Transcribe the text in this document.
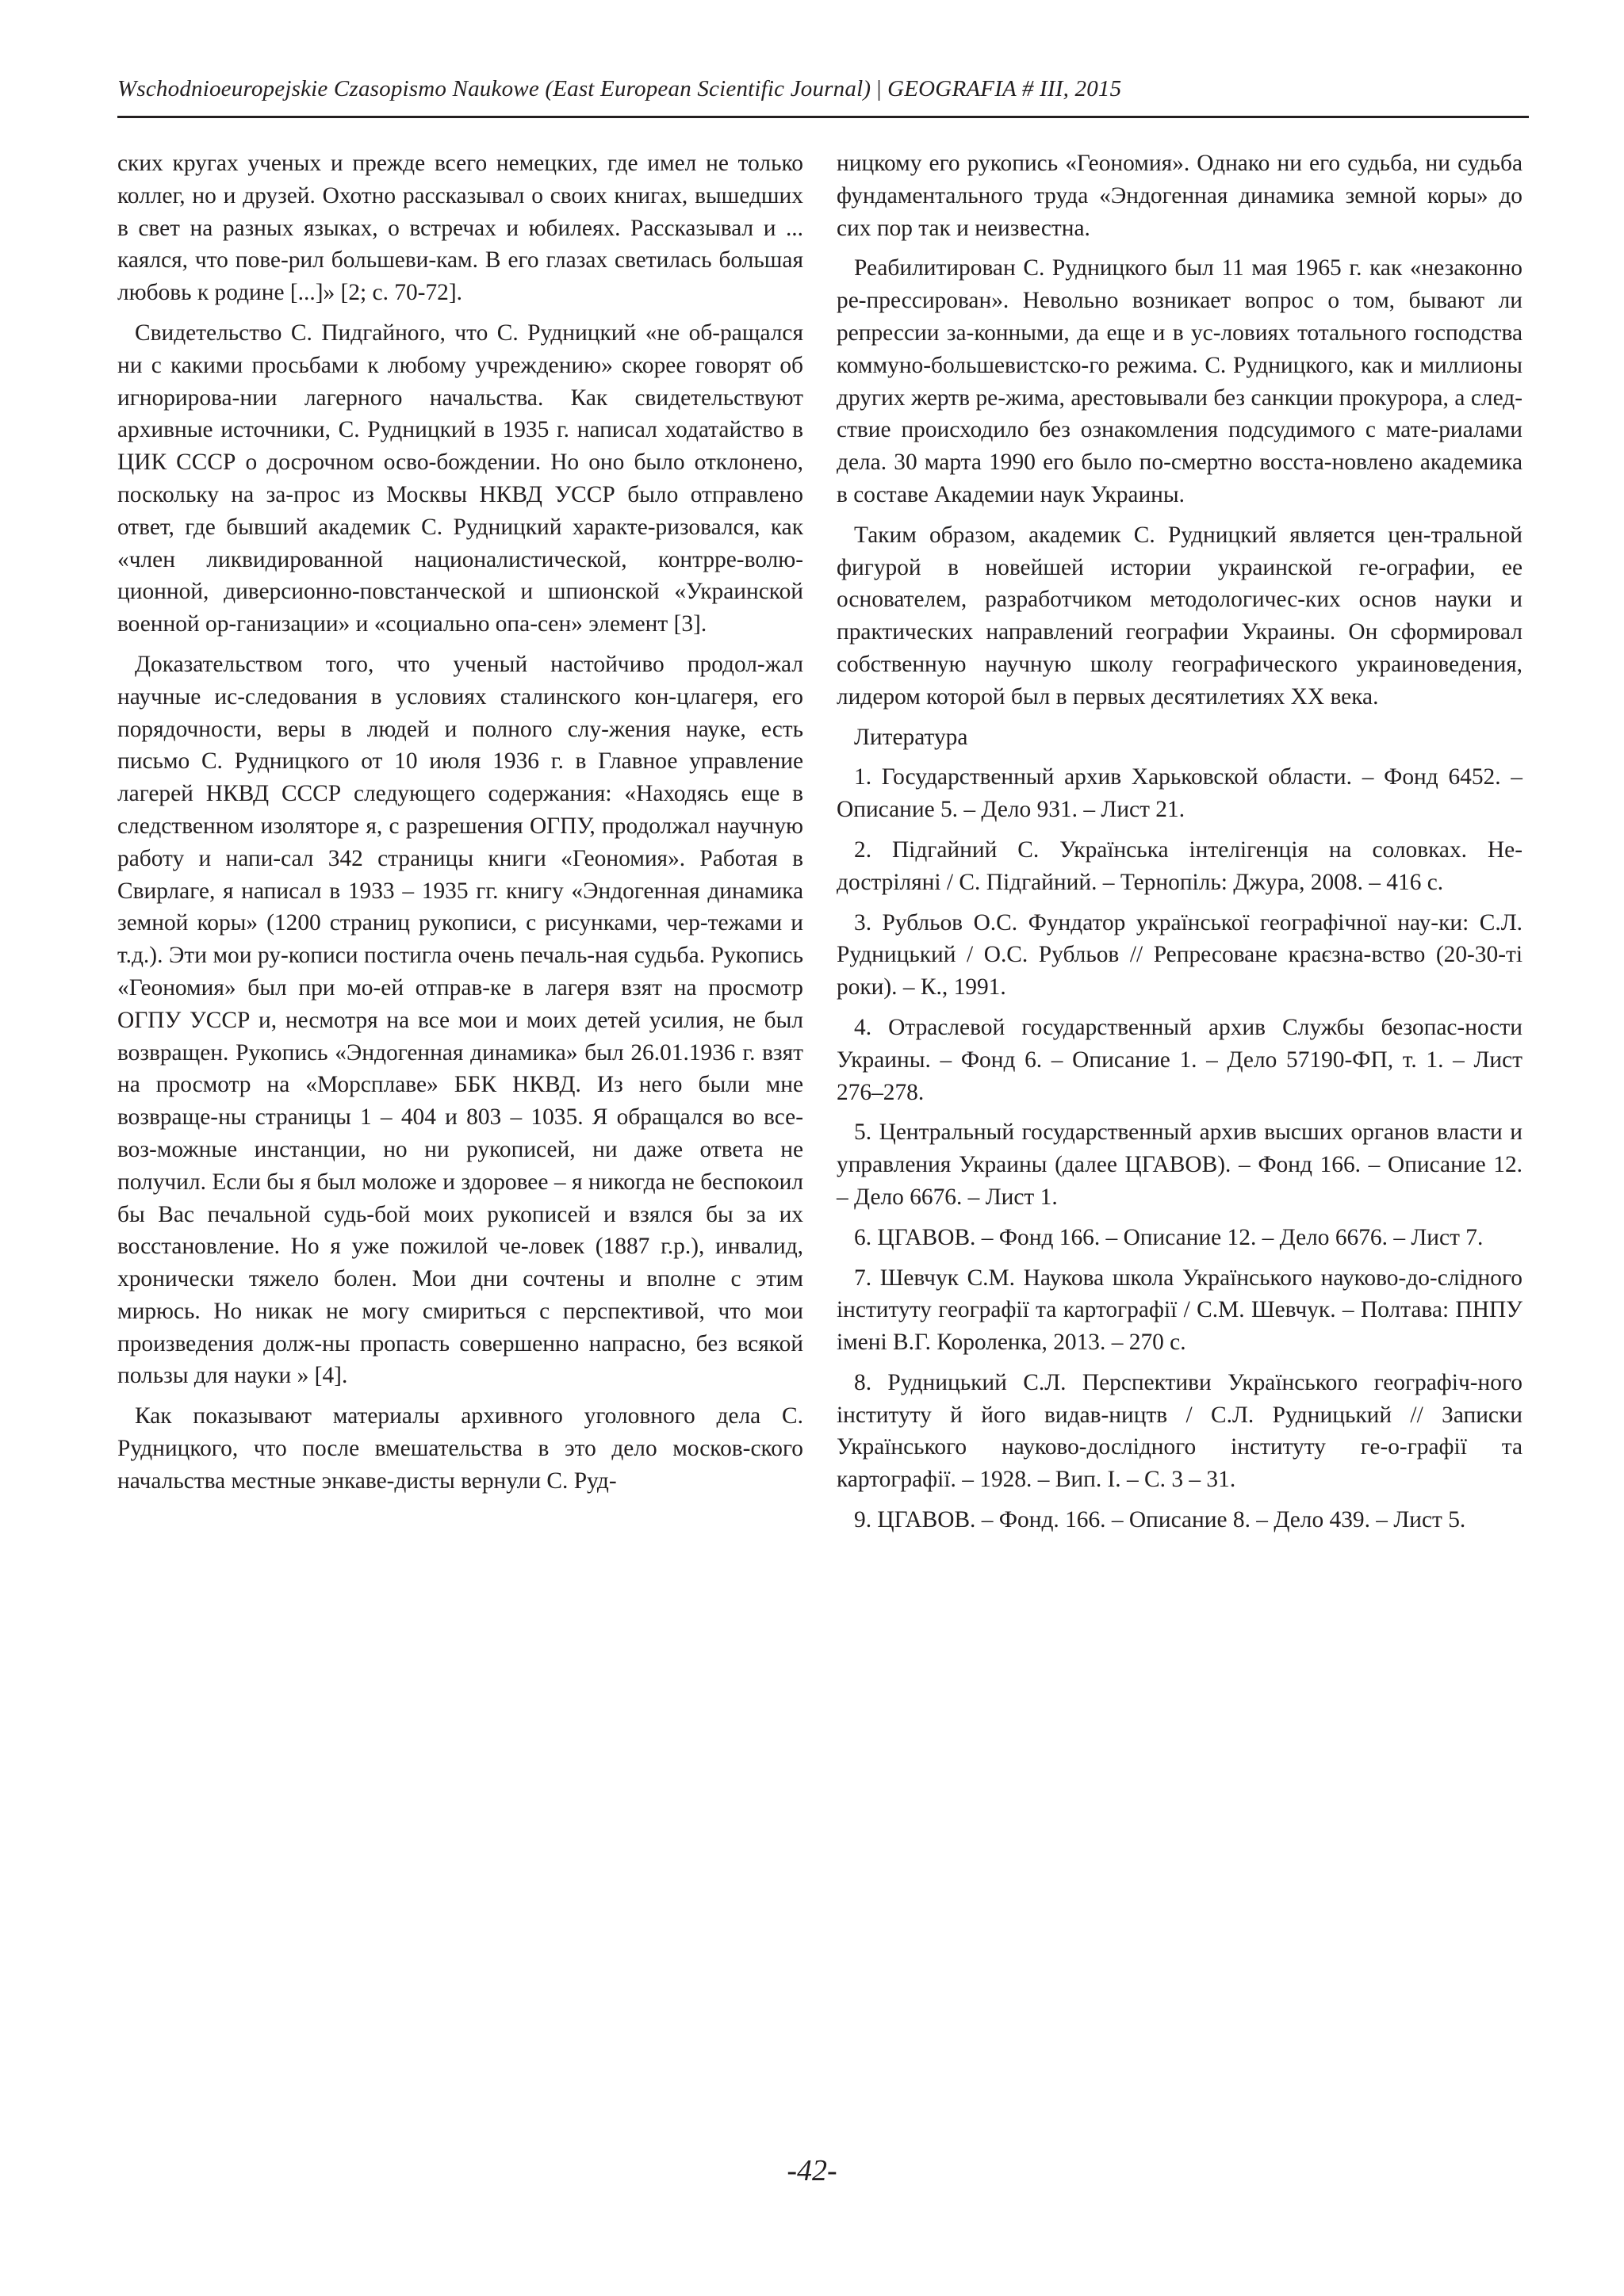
Wschodnioeuropejskie Czasopismo Naukowe (East European Scientific Journal) | GEOGRAFIA # III, 2015

ских кругах ученых и прежде всего немецких, где имел не только коллег, но и друзей. Охотно рассказывал о своих книгах, вышедших в свет на разных языках, о встречах и юбилеях. Рассказывал и ... каялся, что пове-рил большеви-кам. В его глазах светилась большая любовь к родине [...]» [2; с. 70-72].

Свидетельство С. Пидгайного, что С. Рудницкий «не об-ращался ни с какими просьбами к любому учреждению» скорее говорят об игнорирова-нии лагерного начальства. Как свидетельствуют архивные источники, С. Рудницкий в 1935 г. написал ходатайство в ЦИК СССР о досрочном осво-бождении. Но оно было отклонено, поскольку на за-прос из Москвы НКВД УССР было отправлено ответ, где бывший академик С. Рудницкий характе-ризовался, как «член ликвидированной националистической, контрре-волю-ционной, диверсионно-повстанческой и шпионской «Украинской военной ор-ганизации» и «социально опа-сен» элемент [3].

Доказательством того, что ученый настойчиво продол-жал научные ис-следования в условиях сталинского кон-цлагеря, его порядочности, веры в людей и полного слу-жения науке, есть письмо С. Рудницкого от 10 июля 1936 г. в Главное управление лагерей НКВД СССР следующего содержания: «Находясь еще в следственном изоляторе я, с разрешения ОГПУ, продолжал научную работу и напи-сал 342 страницы книги «Геономия». Работая в Свирлаге, я написал в 1933 – 1935 гг. книгу «Эндогенная динамика земной коры» (1200 страниц рукописи, с рисунками, чер-тежами и т.д.). Эти мои ру-кописи постигла очень печаль-ная судьба. Рукопись «Геономия» был при мо-ей отправ-ке в лагеря взят на просмотр ОГПУ УССР и, несмотря на все мои и моих детей усилия, не был возвращен. Рукопись «Эндогенная динамика» был 26.01.1936 г. взят на просмотр на «Морсплаве» ББК НКВД. Из него были мне возвраще-ны страницы 1 – 404 и 803 – 1035. Я обращался во все-воз-можные инстанции, но ни рукописей, ни даже ответа не получил. Если бы я был моложе и здоровее – я никогда не беспокоил бы Вас печальной судь-бой моих рукописей и взялся бы за их восстановление. Но я уже пожилой че-ловек (1887 г.р.), инвалид, хронически тяжело болен. Мои дни сочтены и вполне с этим мирюсь. Но никак не могу смириться с перспективой, что мои произведения долж-ны пропасть совершенно напрасно, без всякой пользы для науки » [4].

Как показывают материалы архивного уголовного дела С. Рудницкого, что после вмешательства в это дело москов-ского начальства местные энкаве-дисты вернули С. Руд-

ницкому его рукопись «Геономия». Однако ни его судьба, ни судьба фундаментального труда «Эндогенная динамика земной коры» до сих пор так и неизвестна.

Реабилитирован С. Рудницкого был 11 мая 1965 г. как «незаконно ре-прессирован». Невольно возникает вопрос о том, бывают ли репрессии за-конными, да еще и в ус-ловиях тотального господства коммуно-большевистско-го режима. С. Рудницкого, как и миллионы других жертв ре-жима, арестовывали без санкции прокурора, а след-ствие происходило без ознакомления подсудимого с мате-риалами дела. 30 марта 1990 его было по-смертно восста-новлено академика в составе Академии наук Украины.

Таким образом, академик С. Рудницкий является цен-тральной фигурой в новейшей истории украинской ге-ографии, ее основателем, разработчиком методологичес-ких основ науки и практических направлений географии Украины. Он сформировал собственную научную школу географического украиноведения, лидером которой был в первых десятилетиях ХХ века.

Литература

1. Государственный архив Харьковской области. – Фонд 6452. – Описание 5. – Дело 931. – Лист 21.
2. Підгайний С. Українська інтелігенція на соловках. Не-достріляні / С. Підгайний. – Тернопіль: Джура, 2008. – 416 с.
3. Рубльов О.С. Фундатор української географічної нау-ки: С.Л. Рудницький / О.С. Рубльов // Репресоване краєзна-вство (20-30-ті роки). – К., 1991.
4. Отраслевой государственный архив Службы безопас-ности Украины. – Фонд 6. – Описание 1. – Дело 57190-ФП, т. 1. – Лист 276–278.
5. Центральный государственный архив высших органов власти и управления Украины (далее ЦГАВОВ). – Фонд 166. – Описание 12. – Дело 6676. – Лист 1.
6. ЦГАВОВ. – Фонд 166. – Описание 12. – Дело 6676. – Лист 7.
7. Шевчук С.М. Наукова школа Українського науково-до-слідного інституту географії та картографії / С.М. Шевчук. – Полтава: ПНПУ імені В.Г. Короленка, 2013. – 270 с.
8. Рудницький С.Л. Перспективи Українського географіч-ного інституту й його видав-ництв / С.Л. Рудницький // Записки Українського науково-дослідного інституту ге-о-графії та картографії. – 1928. – Вип. І. – С. 3 – 31.
9. ЦГАВОВ. – Фонд. 166. – Описание 8. – Дело 439. – Лист 5.
-42-
